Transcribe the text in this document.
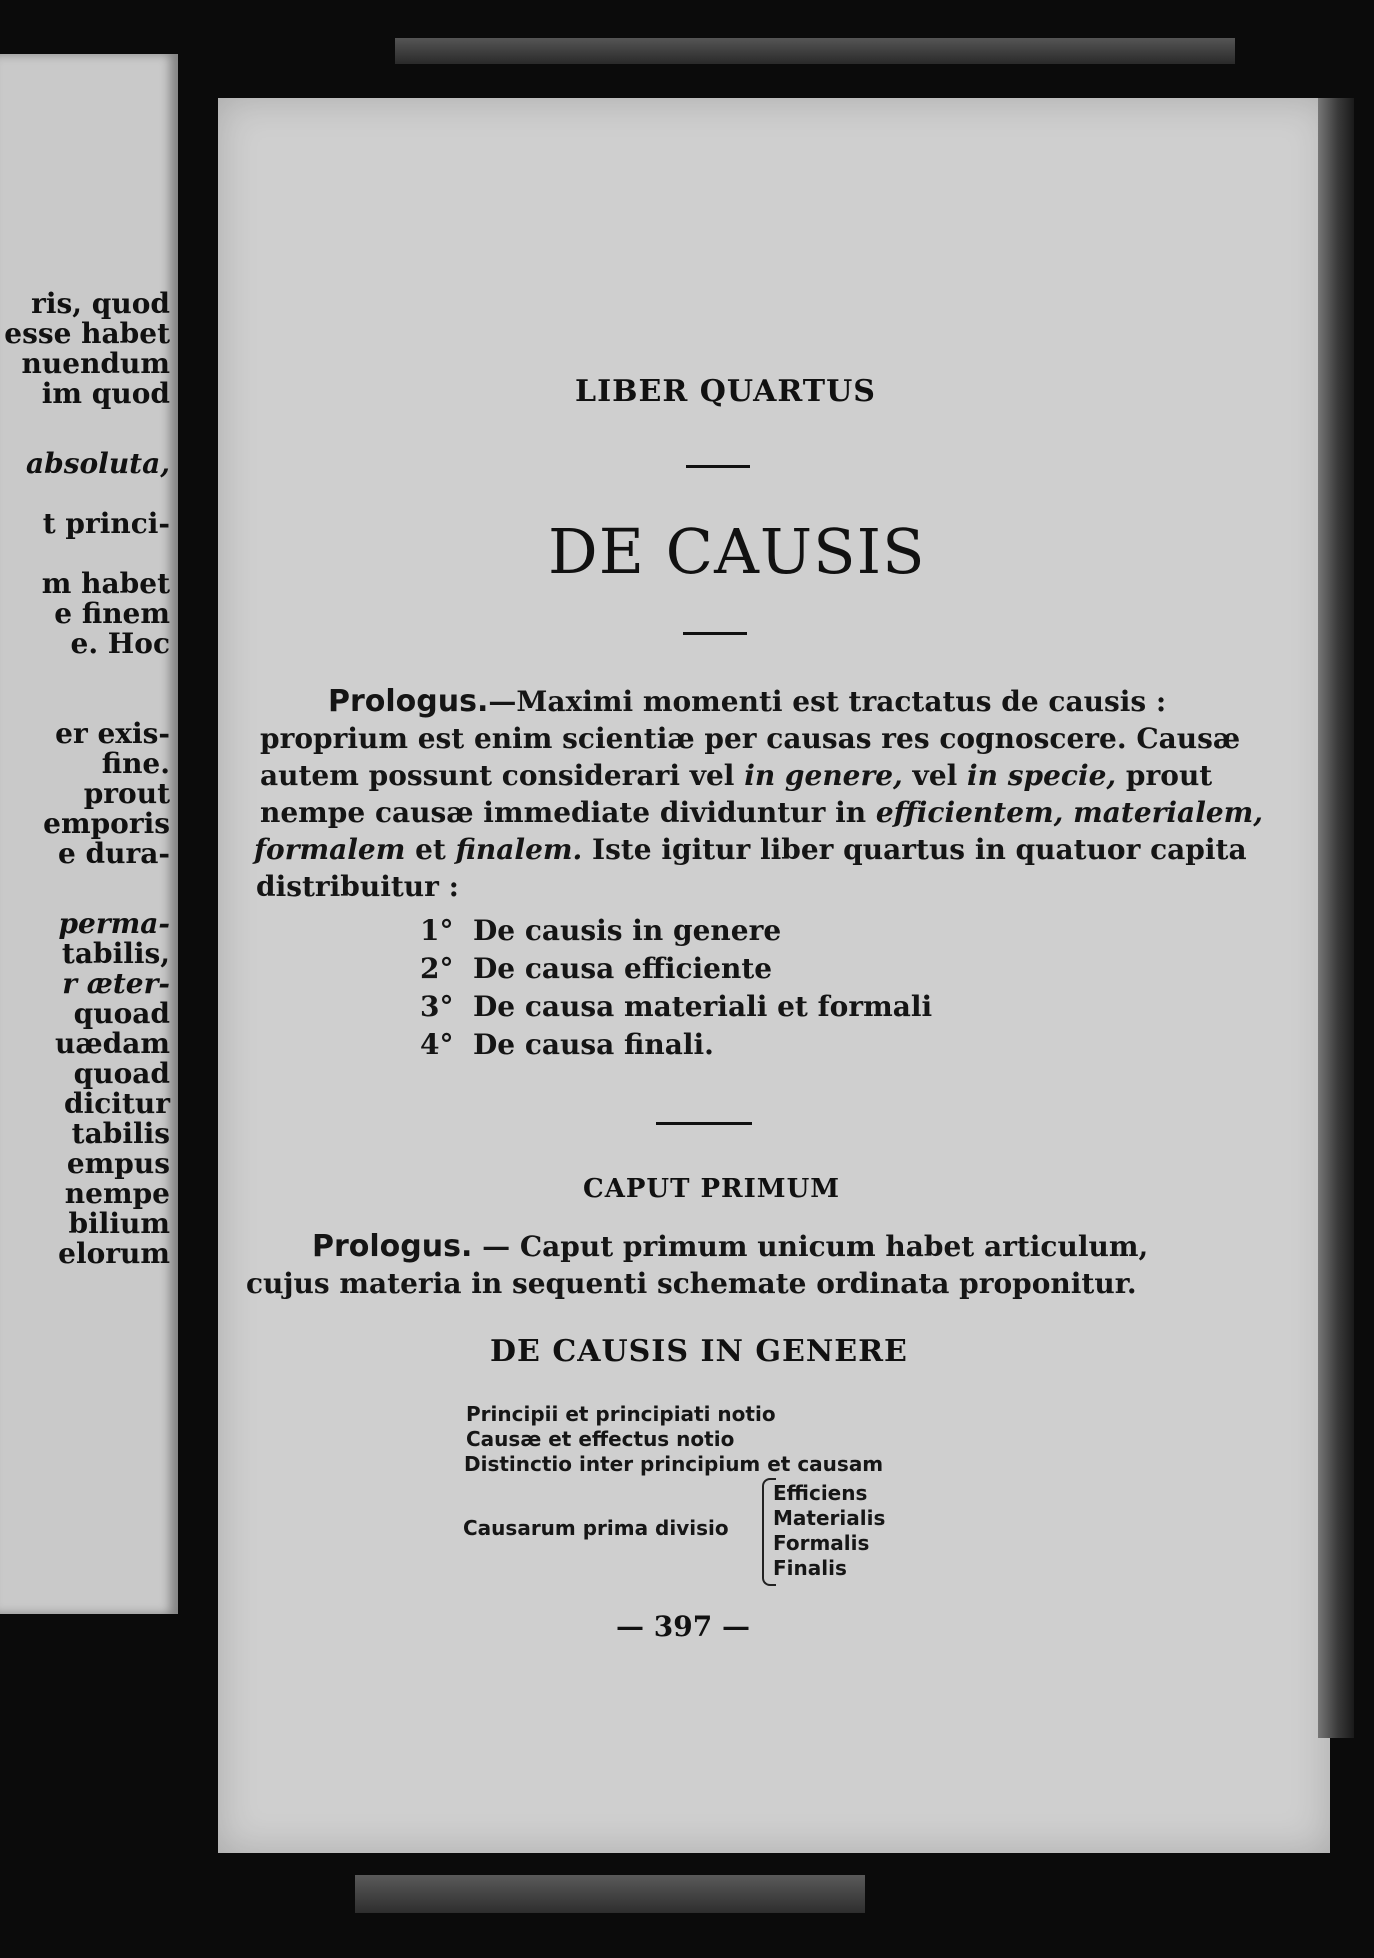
ris, quod
esse habet
nuendum
im quod
absoluta,
t princi-
m habet
e finem
e. Hoc
er exis-
fine.
prout
emporis
e dura-
perma-
tabilis,
r æter-
quoad
uædam
quoad
dicitur
tabilis
empus
nempe
bilium
elorum
LIBER QUARTUS
DE CAUSIS
Prologus.—Maximi momenti est tractatus de causis :
proprium est enim scientiæ per causas res cognoscere. Causæ
autem possunt considerari vel in genere, vel in specie, prout
nempe causæ immediate dividuntur in efficientem, materialem,
formalem et finalem. Iste igitur liber quartus in quatuor capita
distribuitur :
1° De causis in genere
2° De causa efficiente
3° De causa materiali et formali
4° De causa finali.
CAPUT PRIMUM
Prologus. — Caput primum unicum habet articulum,
cujus materia in sequenti schemate ordinata proponitur.
DE CAUSIS IN GENERE
Principii et principiati notio
Causæ et effectus notio
Distinctio inter principium et causam
Causarum prima divisio
Efficiens
Materialis
Formalis
Finalis
— 397 —
